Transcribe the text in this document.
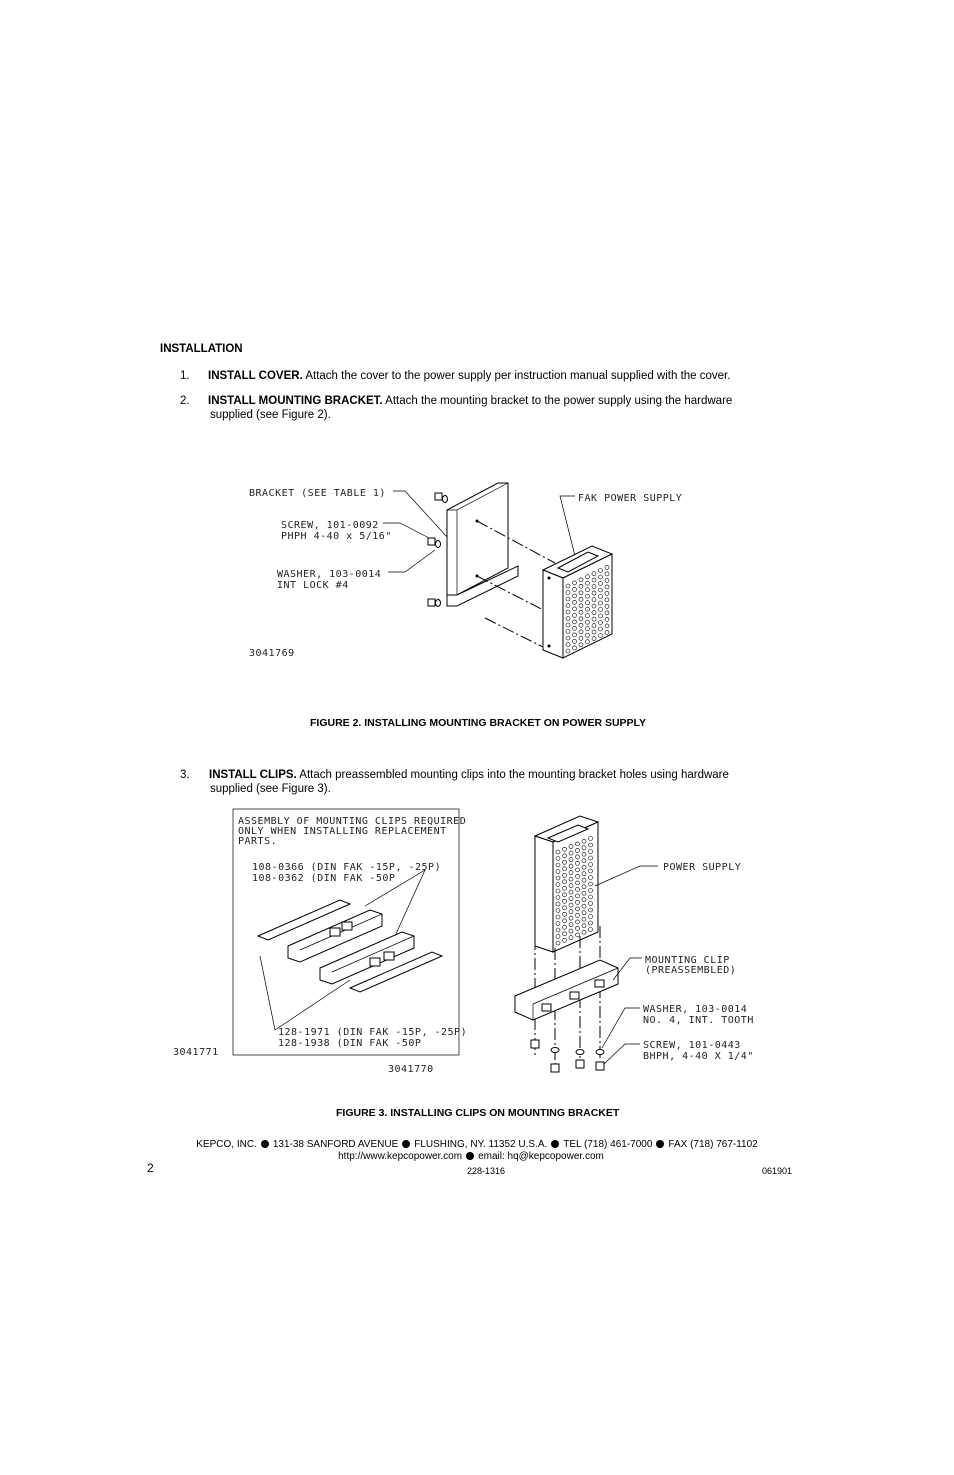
INSTALLATION
1. INSTALL COVER. Attach the cover to the power supply per instruction manual supplied with the cover.
2. INSTALL MOUNTING BRACKET. Attach the mounting bracket to the power supply using the hardware
supplied (see Figure 2).
BRACKET (SEE TABLE 1)
SCREW, 101-0092
PHPH 4-40 x 5/16"
WASHER, 103-0014
INT LOCK #4
FAK POWER SUPPLY
3041769
FIGURE 2. INSTALLING MOUNTING BRACKET ON POWER SUPPLY
3. INSTALL CLIPS. Attach preassembled mounting clips into the mounting bracket holes using hardware
supplied (see Figure 3).
ASSEMBLY OF MOUNTING CLIPS REQUIRED
ONLY WHEN INSTALLING REPLACEMENT
PARTS.
108-0366 (DIN FAK -15P, -25P)
108-0362 (DIN FAK -50P
128-1971 (DIN FAK -15P, -25P)
128-1938 (DIN FAK -50P
3041771
3041770
POWER SUPPLY
MOUNTING CLIP
(PREASSEMBLED)
WASHER, 103-0014
NO. 4, INT. TOOTH
SCREW, 101-0443
BHPH, 4-40 X 1/4"
FIGURE 3. INSTALLING CLIPS ON MOUNTING BRACKET
KEPCO, INC. 131-38 SANFORD AVENUE FLUSHING, NY. 11352 U.S.A. TEL (718) 461-7000 FAX (718) 767-1102
http://www.kepcopower.com email: hq@kepcopower.com
2	228-1316	061901
